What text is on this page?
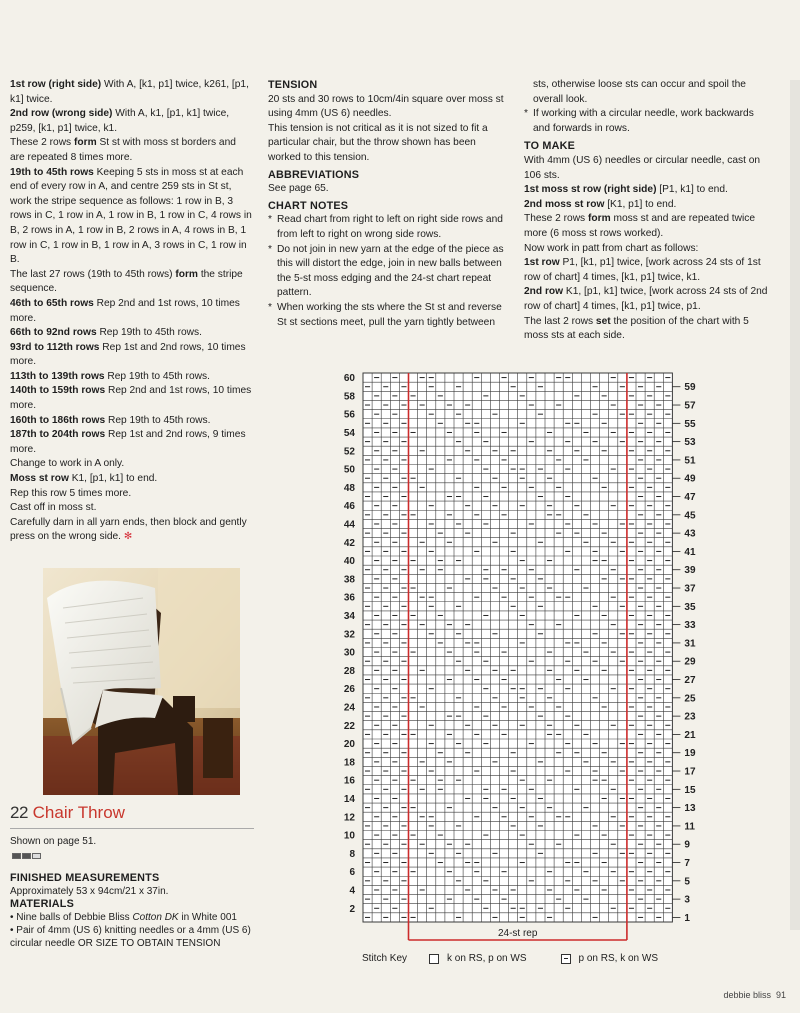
1st row (right side) With A, [k1, p1] twice, k261, [p1, k1] twice.

2nd row (wrong side) With A, k1, [p1, k1] twice, p259, [k1, p1] twice, k1.

These 2 rows form St st with moss st borders and are repeated 8 times more.

19th to 45th rows Keeping 5 sts in moss st at each end of every row in A, and centre 259 sts in St st, work the stripe sequence as follows: 1 row in B, 3 rows in C, 1 row in A, 1 row in B, 1 row in C, 4 rows in B, 2 rows in A, 1 row in B, 2 rows in A, 4 rows in B, 1 row in C, 1 row in B, 1 row in A, 3 rows in C, 1 row in B.

The last 27 rows (19th to 45th rows) form the stripe sequence.

46th to 65th rows Rep 2nd and 1st rows, 10 times more.

66th to 92nd rows Rep 19th to 45th rows.

93rd to 112th rows Rep 1st and 2nd rows, 10 times more.

113th to 139th rows Rep 19th to 45th rows.

140th to 159th rows Rep 2nd and 1st rows, 10 times more.

160th to 186th rows Rep 19th to 45th rows.

187th to 204th rows Rep 1st and 2nd rows, 9 times more.

Change to work in A only.

Moss st row K1, [p1, k1] to end.

Rep this row 5 times more.

Cast off in moss st.

Carefully darn in all yarn ends, then block and gently press on the wrong side. ✻

TENSION

20 sts and 30 rows to 10cm/4in square over moss st using 4mm (US 6) needles.

This tension is not critical as it is not sized to fit a particular chair, but the throw shown has been worked to this tension.

ABBREVIATIONS

See page 65.

CHART NOTES
* Read chart from right to left on right side rows and from left to right on wrong side rows.
* Do not join in new yarn at the edge of the piece as this will distort the edge, join in new balls between the 5-st moss edging and the 24-st chart repeat pattern.
* When working the sts where the St st and reverse St st sections meet, pull the yarn tightly between

sts, otherwise loose sts can occur and spoil the overall look.

* If working with a circular needle, work backwards and forwards in rows.
TO MAKE

With 4mm (US 6) needles or circular needle, cast on 106 sts.

1st moss st row (right side) [P1, k1] to end.

2nd moss st row [K1, p1] to end.

These 2 rows form moss st and are repeated twice more (6 moss st rows worked).

Now work in patt from chart as follows:

1st row P1, [k1, p1] twice, [work across 24 sts of 1st row of chart] 4 times, [k1, p1] twice, k1.

2nd row K1, [p1, k1] twice, [work across 24 sts of 2nd row of chart] 4 times, [k1, p1] twice, p1.

The last 2 rows set the position of the chart with 5 moss sts at each side.

22 Chair Throw
Shown on page 51.
FINISHED MEASUREMENTS

Approximately 53 x 94cm/21 x 37in.

MATERIALS

• Nine balls of Debbie Bliss Cotton DK in White 001

• Pair of 4mm (US 6) knitting needles or a 4mm (US 6) circular needle OR SIZE TO OBTAIN TENSION

24-st rep
60
58
56
54
52
50
48
46
44
42
40
38
36
34
32
30
28
26
24
22
20
18
16
14
12
10
8
6
4
2
59
57
55
53
51
49
47
45
43
41
39
37
35
33
31
29
27
25
23
21
19
17
15
13
11
9
7
5
3
1
Stitch Key	k on RS, p on WS	p on RS, k on WS
debbie bliss 91
